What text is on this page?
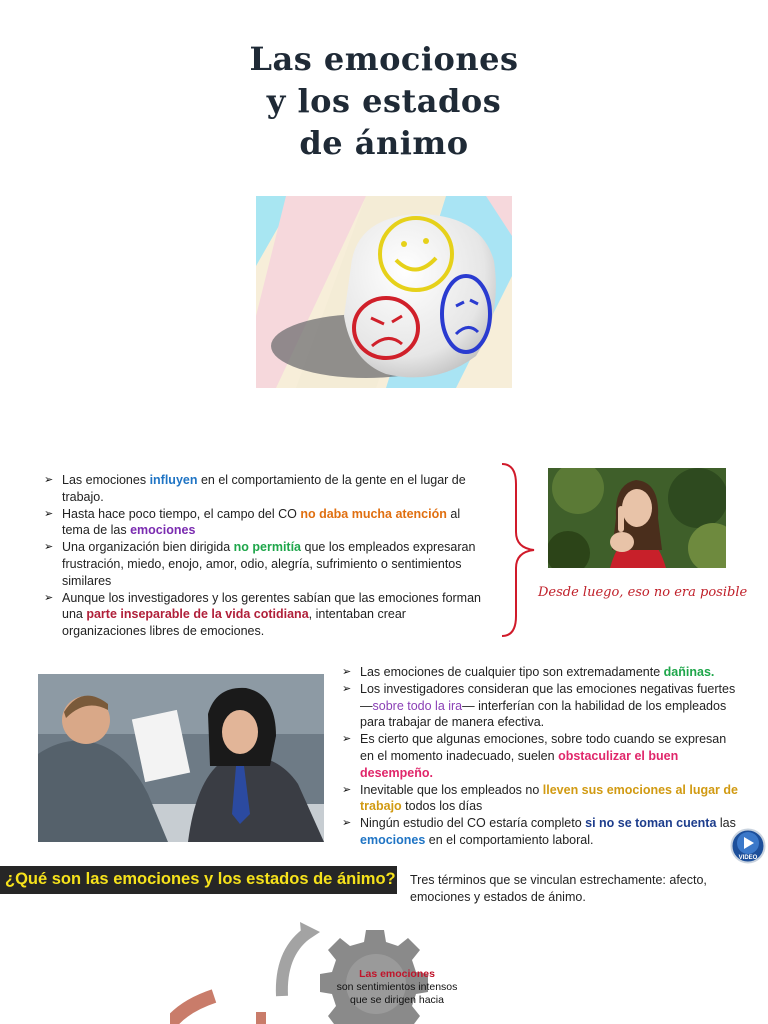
Las emociones
y los estados
de ánimo
➢ Las emociones influyen en el comportamiento de la gente en el lugar de trabajo.
➢ Hasta hace poco tiempo, el campo del CO no daba mucha atención al tema de las emociones
➢ Una organización bien dirigida no permitía que los empleados expresaran frustración, miedo, enojo, amor, odio, alegría, sufrimiento o sentimientos similares
➢ Aunque los investigadores y los gerentes sabían que las emociones forman una parte inseparable de la vida cotidiana, intentaban crear organizaciones libres de emociones.
Desde luego, eso no era posible
➢ Las emociones de cualquier tipo son extremadamente dañinas.
➢ Los investigadores consideran que las emociones negativas fuertes —sobre todo la ira— interferían con la habilidad de los empleados para trabajar de manera efectiva.
➢ Es cierto que algunas emociones, sobre todo cuando se expresan en el momento inadecuado, suelen obstaculizar el buen desempeño.
➢ Inevitable que los empleados no lleven sus emociones al lugar de trabajo todos los días
➢ Ningún estudio del CO estaría completo si no se toman cuenta las emociones en el comportamiento laboral.
VIDEO
¿Qué son las emociones y los estados de ánimo? Tres términos que se vinculan estrechamente: afecto, emociones y estados de ánimo.
Las emociones
son sentimientos intensos que se dirigen hacia
